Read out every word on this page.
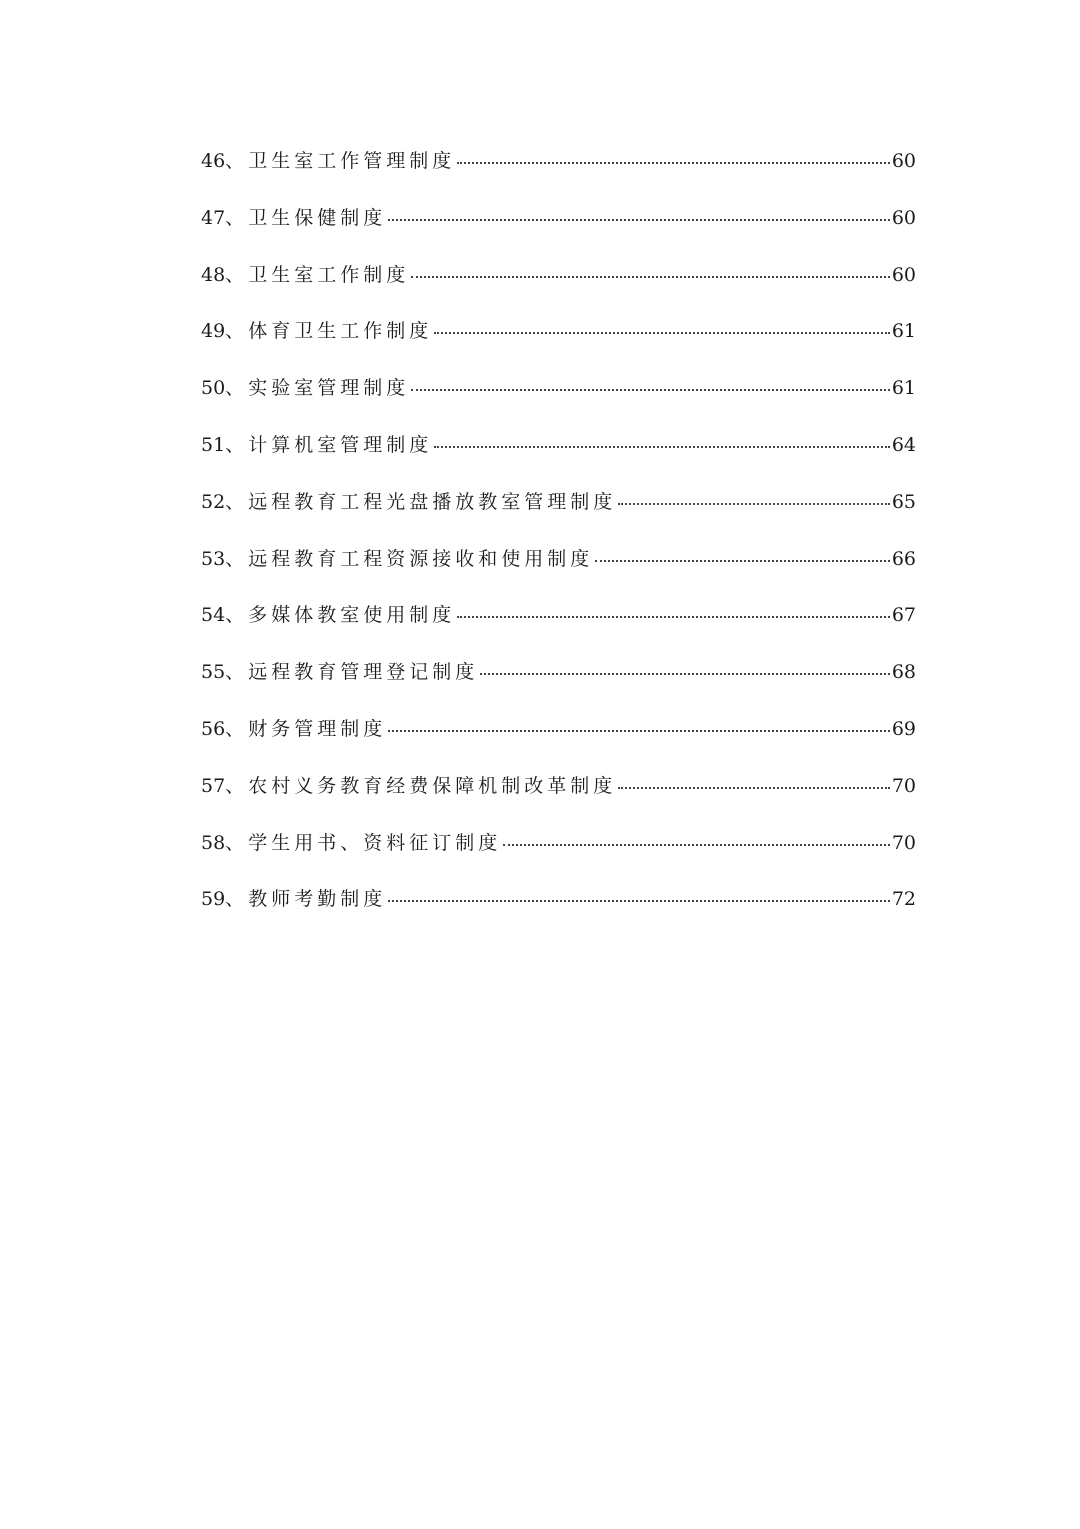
46、 卫生室工作管理制度	60
47、 卫生保健制度	60
48、 卫生室工作制度	60
49、 体育卫生工作制度	61
50、 实验室管理制度	61
51、 计算机室管理制度	64
52、 远程教育工程光盘播放教室管理制度	65
53、 远程教育工程资源接收和使用制度	66
54、 多媒体教室使用制度	67
55、 远程教育管理登记制度	68
56、 财务管理制度	69
57、 农村义务教育经费保障机制改革制度	70
58、 学生用书、资料征订制度	70
59、 教师考勤制度	72
